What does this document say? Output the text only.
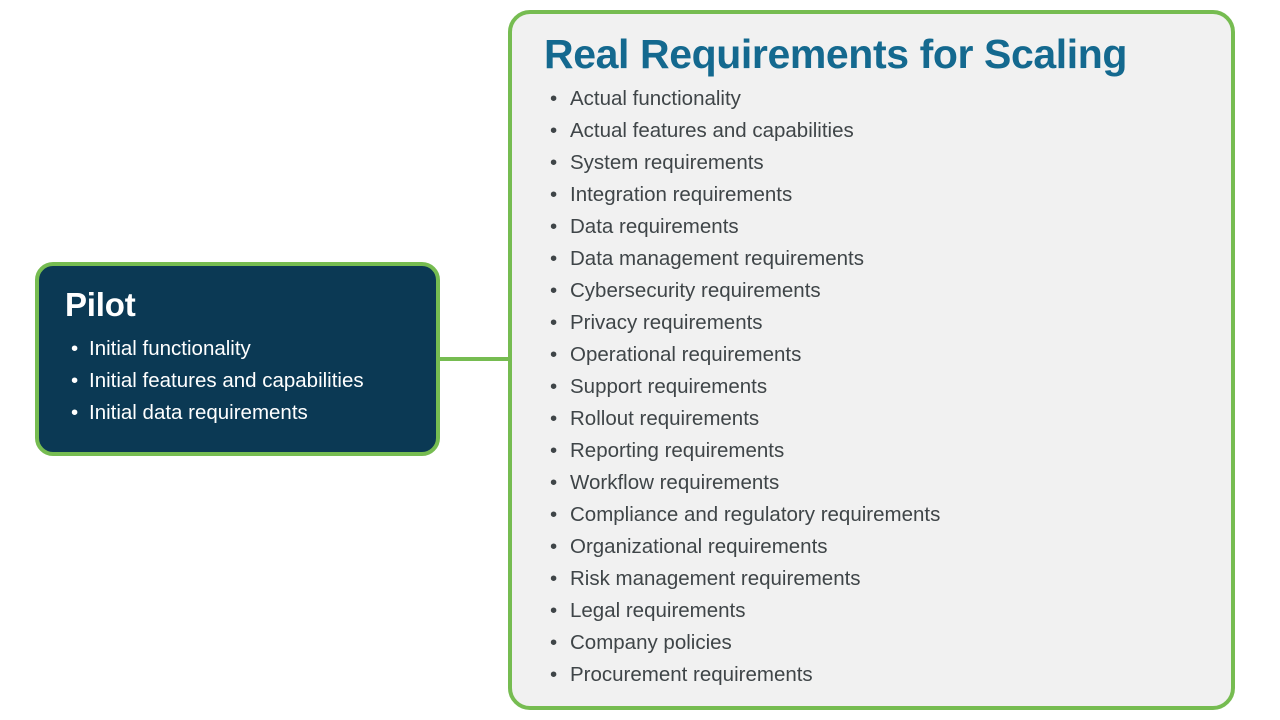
Pilot
• Initial functionality
• Initial features and capabilities
• Initial data requirements
Real Requirements for Scaling
• Actual functionality
• Actual features and capabilities
• System requirements
• Integration requirements
• Data requirements
• Data management requirements
• Cybersecurity requirements
• Privacy requirements
• Operational requirements
• Support requirements
• Rollout requirements
• Reporting requirements
• Workflow requirements
• Compliance and regulatory requirements
• Organizational requirements
• Risk management requirements
• Legal requirements
• Company policies
• Procurement requirements
